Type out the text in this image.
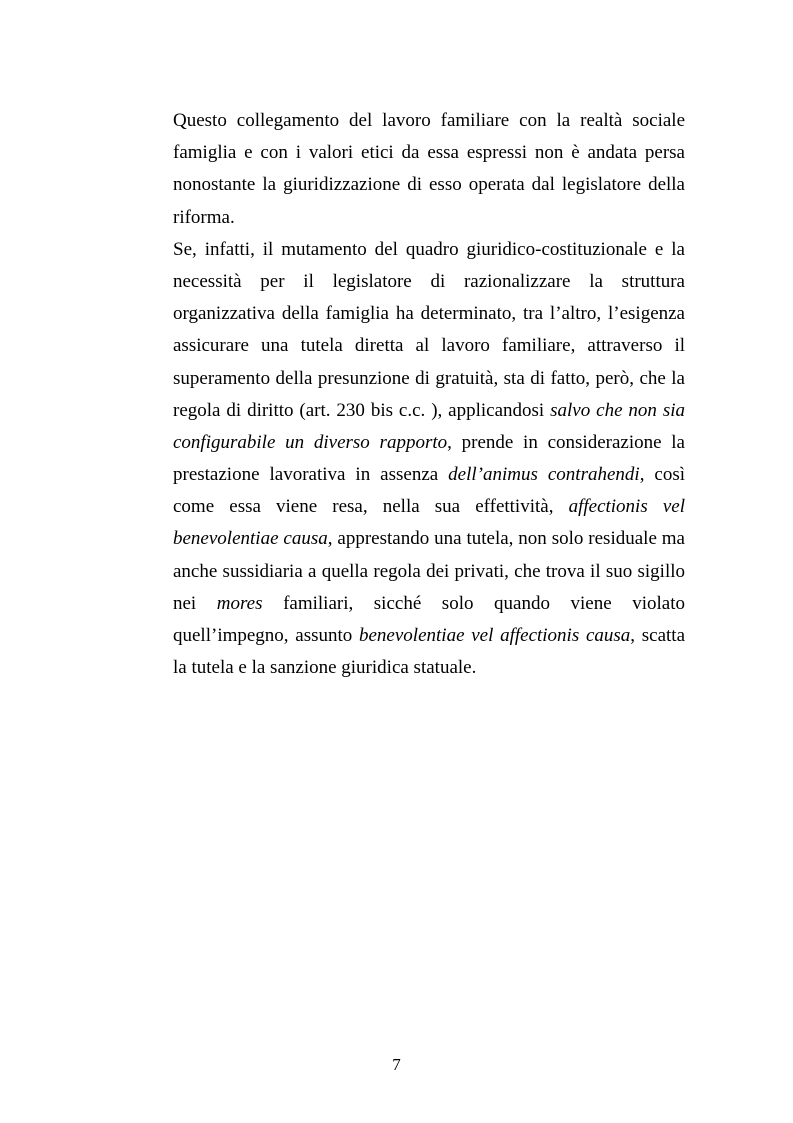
Questo collegamento del lavoro familiare con la realtà sociale
famiglia e con i valori etici da essa espressi non è andata persa
nonostante la giuridizzazione di esso operata dal legislatore della
riforma.
Se, infatti, il mutamento del quadro giuridico-costituzionale e la
necessità per il legislatore di razionalizzare la struttura
organizzativa della famiglia ha determinato, tra l’altro, l’esigenza
assicurare una tutela diretta al lavoro familiare, attraverso il
superamento della presunzione di gratuità, sta di fatto, però, che la
regola di diritto (art. 230 bis c.c. ), applicandosi salvo che non sia
configurabile un diverso rapporto, prende in considerazione la
prestazione lavorativa in assenza dell’animus contrahendi, così
come essa viene resa, nella sua effettività, affectionis vel
benevolentiae causa, apprestando una tutela, non solo residuale ma
anche sussidiaria a quella regola dei privati, che trova il suo sigillo
nei mores familiari, sicché solo quando viene violato
quell’impegno, assunto benevolentiae vel affectionis causa, scatta
la tutela e la sanzione giuridica statuale.
7
